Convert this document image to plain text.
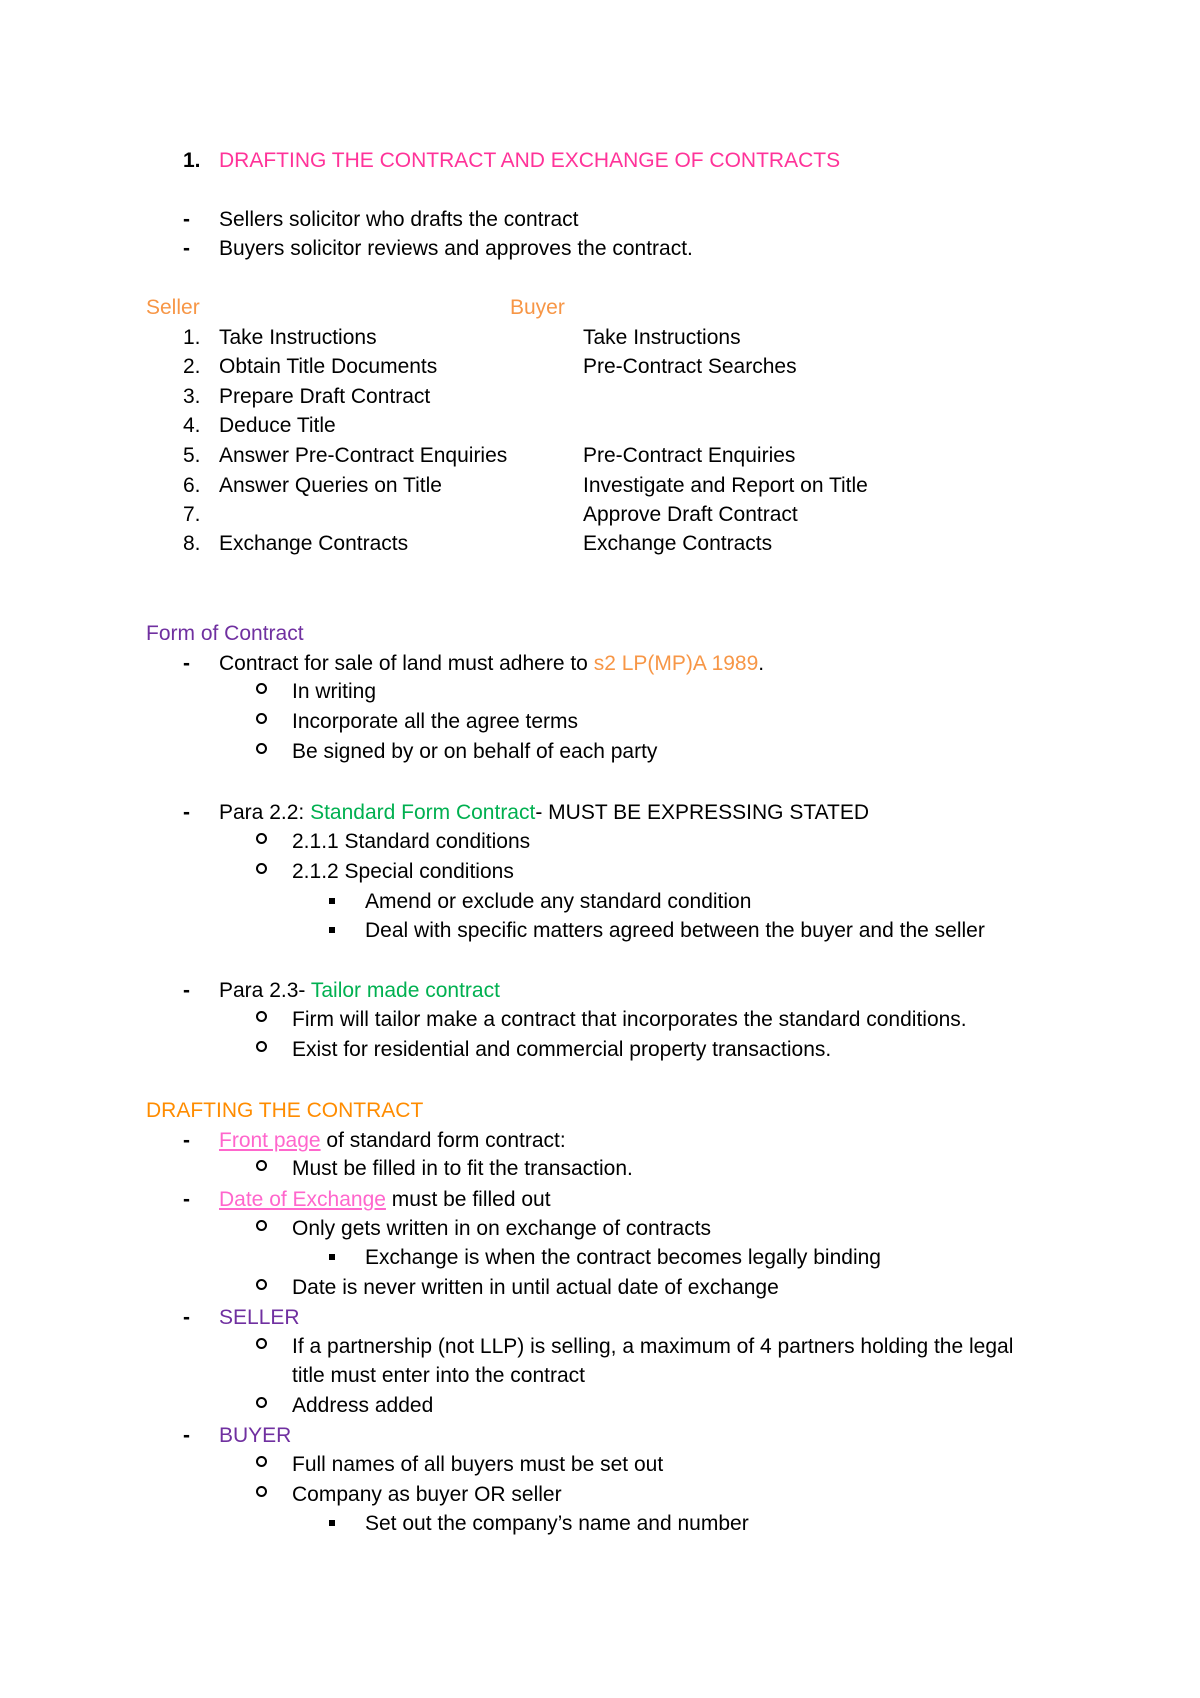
1. DRAFTING THE CONTRACT AND EXCHANGE OF CONTRACTS
- Sellers solicitor who drafts the contract
- Buyers solicitor reviews and approves the contract.
Seller	Buyer
1. Take Instructions	Take Instructions
2. Obtain Title Documents	Pre-Contract Searches
3. Prepare Draft Contract
4. Deduce Title
5. Answer Pre-Contract Enquiries	Pre-Contract Enquiries
6. Answer Queries on Title	Investigate and Report on Title
7.	Approve Draft Contract
8. Exchange Contracts	Exchange Contracts
Form of Contract
- Contract for sale of land must adhere to s2 LP(MP)A 1989.
In writing
Incorporate all the agree terms
Be signed by or on behalf of each party
- Para 2.2: Standard Form Contract- MUST BE EXPRESSING STATED
2.1.1 Standard conditions
2.1.2 Special conditions
Amend or exclude any standard condition
Deal with specific matters agreed between the buyer and the seller
- Para 2.3- Tailor made contract
Firm will tailor make a contract that incorporates the standard conditions.
Exist for residential and commercial property transactions.
DRAFTING THE CONTRACT
- Front page of standard form contract:
Must be filled in to fit the transaction.
- Date of Exchange must be filled out
Only gets written in on exchange of contracts
Exchange is when the contract becomes legally binding
Date is never written in until actual date of exchange
- SELLER
If a partnership (not LLP) is selling, a maximum of 4 partners holding the legal
title must enter into the contract
Address added
- BUYER
Full names of all buyers must be set out
Company as buyer OR seller
Set out the company’s name and number
